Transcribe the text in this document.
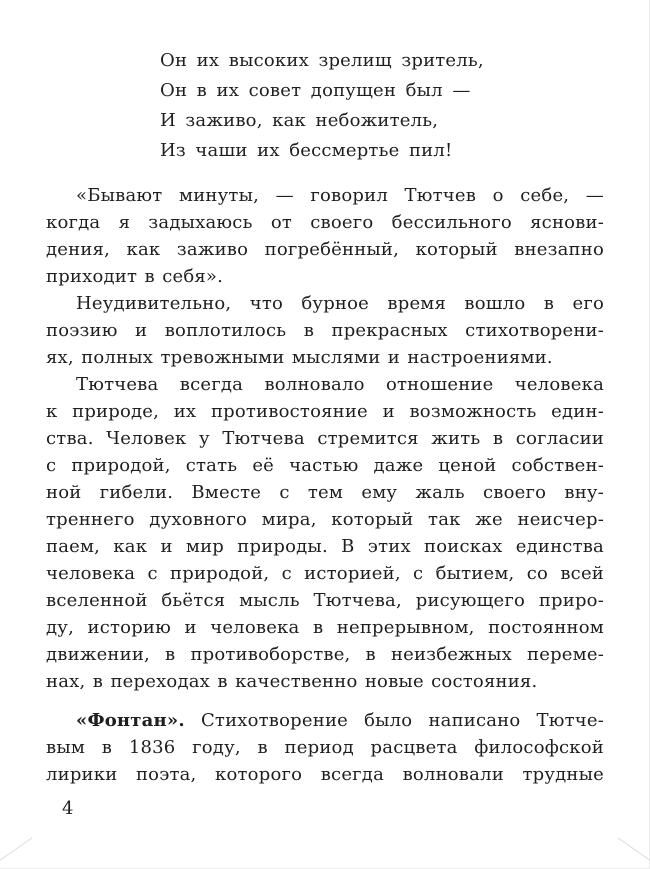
Он их высоких зрелищ зритель,
Он в их совет допущен был —
И заживо, как небожитель,
Из чаши их бессмертье пил!
«Бывают минуты, — говорил Тютчев о себе, —
когда я задыхаюсь от своего бессильного яснови-
дения, как заживо погребённый, который внезапно
приходит в себя».
Неудивительно, что бурное время вошло в его
поэзию и воплотилось в прекрасных стихотворени-
ях, полных тревожными мыслями и настроениями.
Тютчева всегда волновало отношение человека
к природе, их противостояние и возможность един-
ства. Человек у Тютчева стремится жить в согласии
с природой, стать её частью даже ценой собствен-
ной гибели. Вместе с тем ему жаль своего вну-
треннего духовного мира, который так же неисчер-
паем, как и мир природы. В этих поисках единства
человека с природой, с историей, с бытием, со всей
вселенной бьётся мысль Тютчева, рисующего приро-
ду, историю и человека в непрерывном, постоянном
движении, в противоборстве, в неизбежных переме-
нах, в переходах в качественно новые состояния.
«Фонтан». Стихотворение было написано Тютче-
вым в 1836 году, в период расцвета философской
лирики поэта, которого всегда волновали трудные
4
